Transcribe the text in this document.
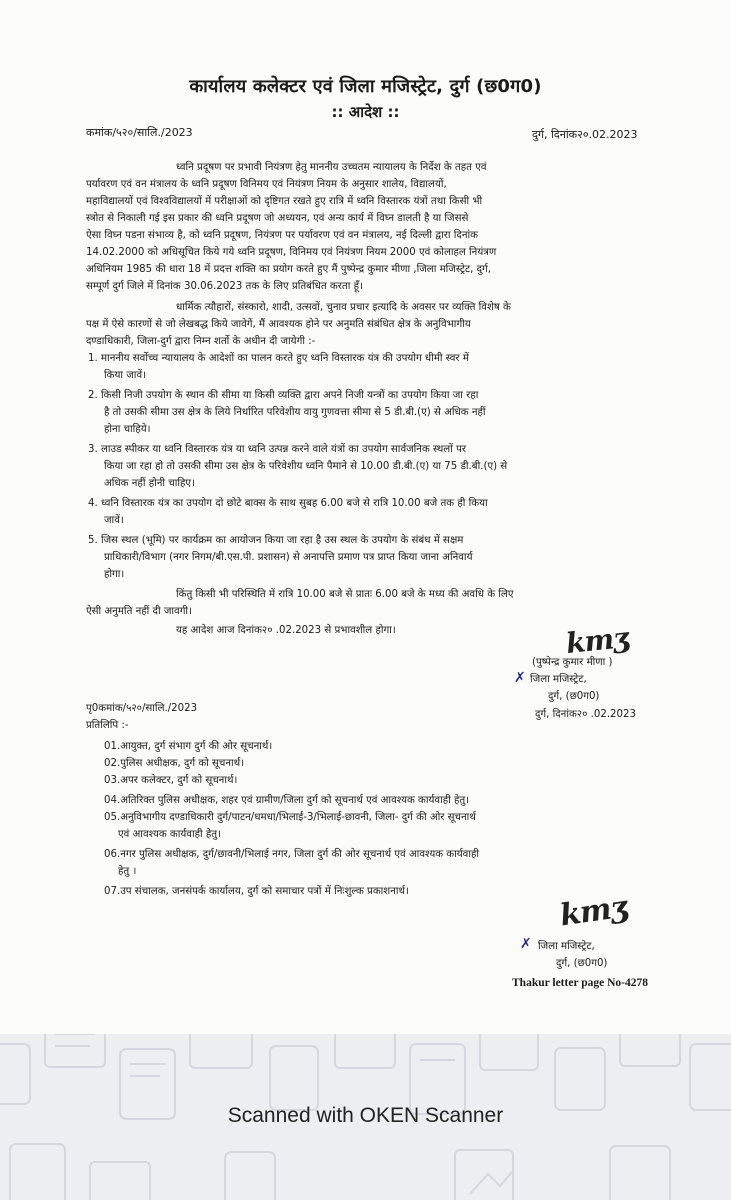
कार्यालय कलेक्टर एवं जिला मजिस्ट्रेट, दुर्ग (छ0ग0)
:: आदेश ::
कमांक/५२०/सालि./2023	दुर्ग, दिनांक२०.02.2023
ध्वनि प्रदूषण पर प्रभावी नियंत्रण हेतु माननीय उच्चतम न्यायालय के निर्देश के तहत एवं
पर्यावरण एवं वन मंत्रालय के ध्वनि प्रदूषण विनिमय एवं नियंत्रण नियम के अनुसार शालेय, विद्यालयों,
महाविद्यालयों एवं विश्वविद्यालयों में परीक्षाओं को दृष्टिगत रखते हुए रात्रि में ध्वनि विस्तारक यंत्रों तथा किसी भी
स्त्रोत से निकाली गई इस प्रकार की ध्वनि प्रदूषण जो अध्ययन, एवं अन्य कार्य में विघ्न डालती है या जिससे
ऐसा विघ्न पडना संभाव्य है, को ध्वनि प्रदूषण, नियंत्रण पर पर्यावरण एवं वन मंत्रालय, नई दिल्ली द्वारा दिनांक
14.02.2000 को अधिसूचित किये गये ध्वनि प्रदूषण, विनिमय एवं नियंत्रण नियम 2000 एवं कोलाहल नियंत्रण
अधिनियम 1985 की धारा 18 में प्रदत्त शक्ति का प्रयोग करते हुए मैं पुष्पेन्द्र कुमार मीणा ,जिला मजिस्ट्रेट, दुर्ग,
सम्पूर्ण दुर्ग जिले में दिनांक 30.06.2023 तक के लिए प्रतिबंधित करता हूँ।
धार्मिक त्यौहारों, संस्कारो, शादी, उत्सवों, चुनाव प्रचार इत्यादि के अवसर पर व्यक्ति विशेष के
पक्ष में ऐसे कारणों से जो लेखबद्ध किये जावेगें, मैं आवश्यक होने पर अनुमति संबंधित क्षेत्र के अनुविभागीय
दण्डाधिकारी, जिला-दुर्ग द्वारा निम्न शर्तो के अधीन दी जायेगी :-
1. माननीय सर्वोच्च न्यायालय के आदेशों का पालन करते हुए ध्वनि विस्तारक यंत्र की उपयोग धीमी स्वर में
किया जावें।
2. किसी निजी उपयोग के स्थान की सीमा या किसी व्यक्ति द्वारा अपने निजी यन्त्रों का उपयोग किया जा रहा
है तो उसकी सीमा उस क्षेत्र के लिये निर्धारित परिवेशीय वायु गुणवत्ता सीमा से 5 डी.बी.(ए) से अधिक नहीं
होना चाहिये।
3. लाउड स्पीकर या ध्वनि विस्तारक यंत्र या ध्वनि उत्पन्न करने वाले यंत्रों का उपयोग सार्वजनिक स्थलों पर
किया जा रहा हो तो उसकी सीमा उस क्षेत्र के परिवेशीय ध्वनि पैमाने से 10.00 डी.बी.(ए) या 75 डी.बी.(ए) से
अधिक नहीं होनी चाहिए।
4. ध्वनि विस्तारक यंत्र का उपयोग दो छोटे बाक्स के साथ सुबह 6.00 बजे से रात्रि 10.00 बजे तक ही किया
जावें।
5. जिस स्थल (भूमि) पर कार्यक्रम का आयोजन किया जा रहा है उस स्थल के उपयोग के संबंध में सक्षम
प्राधिकारी/विभाग (नगर निगम/बी.एस.पी. प्रशासन) से अनापत्ति प्रमाण पत्र प्राप्त किया जाना अनिवार्य
होगा।
किंतु किसी भी परिस्थिति में रात्रि 10.00 बजे से प्रातः 6.00 बजे के मध्य की अवधि के लिए
ऐसी अनुमति नहीं दी जावगी।
यह आदेश आज दिनांक२० .02.2023 से प्रभावशील होगा।	kmʒ
(पुष्पेन्द्र कुमार मीणा )
✗ जिला मजिस्ट्रेट,
दुर्ग, (छ0ग0)
पृ0कमांक/५२०/सालि./2023
दुर्ग, दिनांक२० .02.2023
प्रतिलिपि :-
01.आयुक्त, दुर्ग संभाग दुर्ग की ओर सूचनार्थ।
02.पुलिस अधीक्षक, दुर्ग को सूचनार्थ।
03.अपर कलेक्टर, दुर्ग को सूचनार्थ।
04.अतिरिक्त पुलिस अधीक्षक, शहर एवं ग्रामीण/जिला दुर्ग को सूचनार्थ एवं आवश्यक कार्यवाही हेतु।
05.अनुविभागीय दण्डाधिकारी दुर्ग/पाटन/धमधा/भिलाई-3/भिलाई-छावनी, जिला- दुर्ग की ओर सूचनार्थ
एवं आवश्यक कार्यवाही हेतु।
06.नगर पुलिस अधीक्षक, दुर्ग/छावनी/भिलाई नगर, जिला दुर्ग की ओर सूचनार्थ एवं आवश्यक कार्यवाही
हेतु ।
07.उप संचालक, जनसंपर्क कार्यालय, दुर्ग को समाचार पत्रों में निःशुल्क प्रकाशनार्थ।	kmʒ
✗ जिला मजिस्ट्रेट,
दुर्ग, (छ0ग0)
Thakur letter page No-4278
Scanned with OKEN Scanner
